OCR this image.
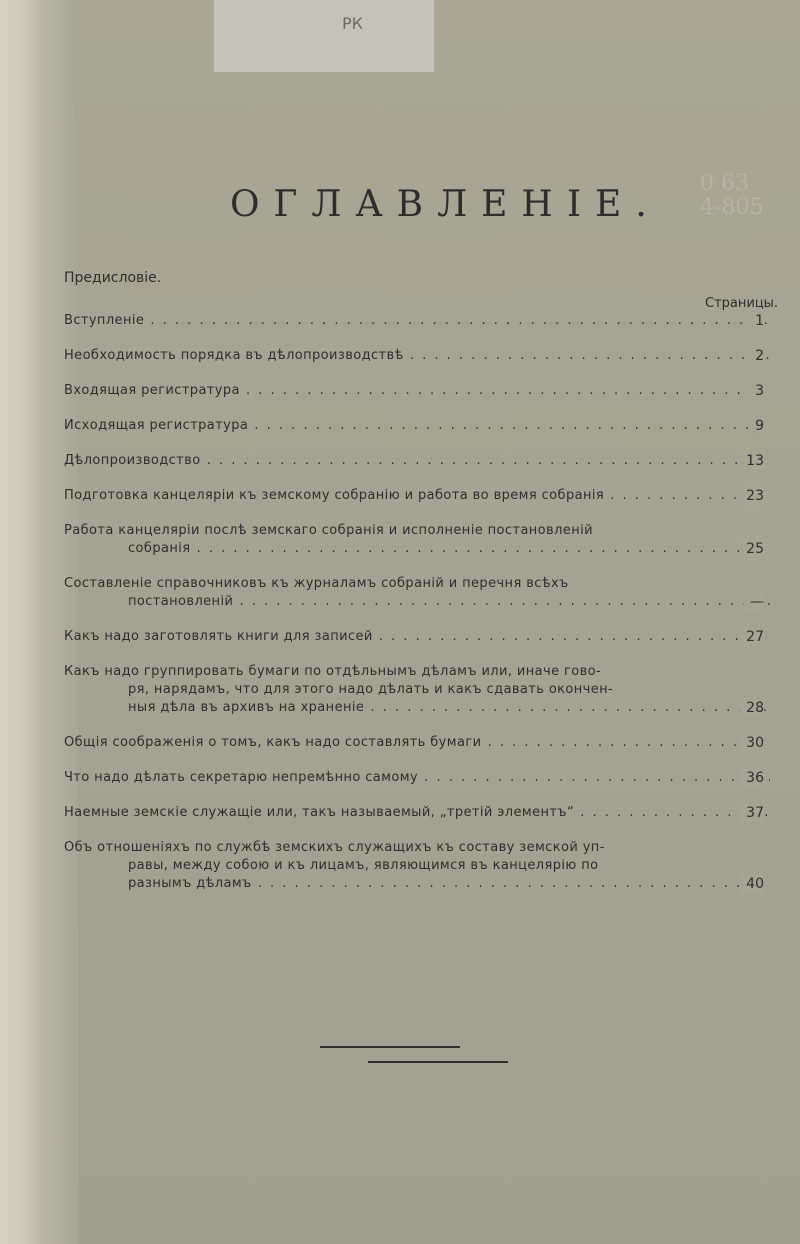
РК
0 63
4-805
ОГЛАВЛЕНІЕ.
Предисловіе.
Страницы.
Вступленіе . . .	1
Необходимость порядка въ дѣлопроизводствѣ . . .	2
Входящая регистратура . . .	3
Исходящая регистратура . . .	9
Дѣлопроизводство . . .	13
Подготовка канцеляріи къ земскому собранію и работа во время собранія . . .	23
Работа канцеляріи послѣ земскаго собранія и исполненіе постановленій
собранія . . .	25
Составленіе справочниковъ къ журналамъ собраній и перечня всѣхъ
постановленій . . .	—
Какъ надо заготовлять книги для записей . . .	27
Какъ надо группировать бумаги по отдѣльнымъ дѣламъ или, иначе гово-
ря, нарядамъ, что для этого надо дѣлать и какъ сдавать окончен-
ныя дѣла въ архивъ на храненіе . . .	28
Общія соображенія о томъ, какъ надо составлять бумаги . . .	30
Что надо дѣлать секретарю непремѣнно самому . . .	36
Наемные земскіе служащіе или, такъ называемый, „третій элементъ“ . . .	37
Объ отношеніяхъ по службѣ земскихъ служащихъ къ составу земской уп-
равы, между собою и къ лицамъ, являющимся въ канцелярію по
разнымъ дѣламъ . . .	40
